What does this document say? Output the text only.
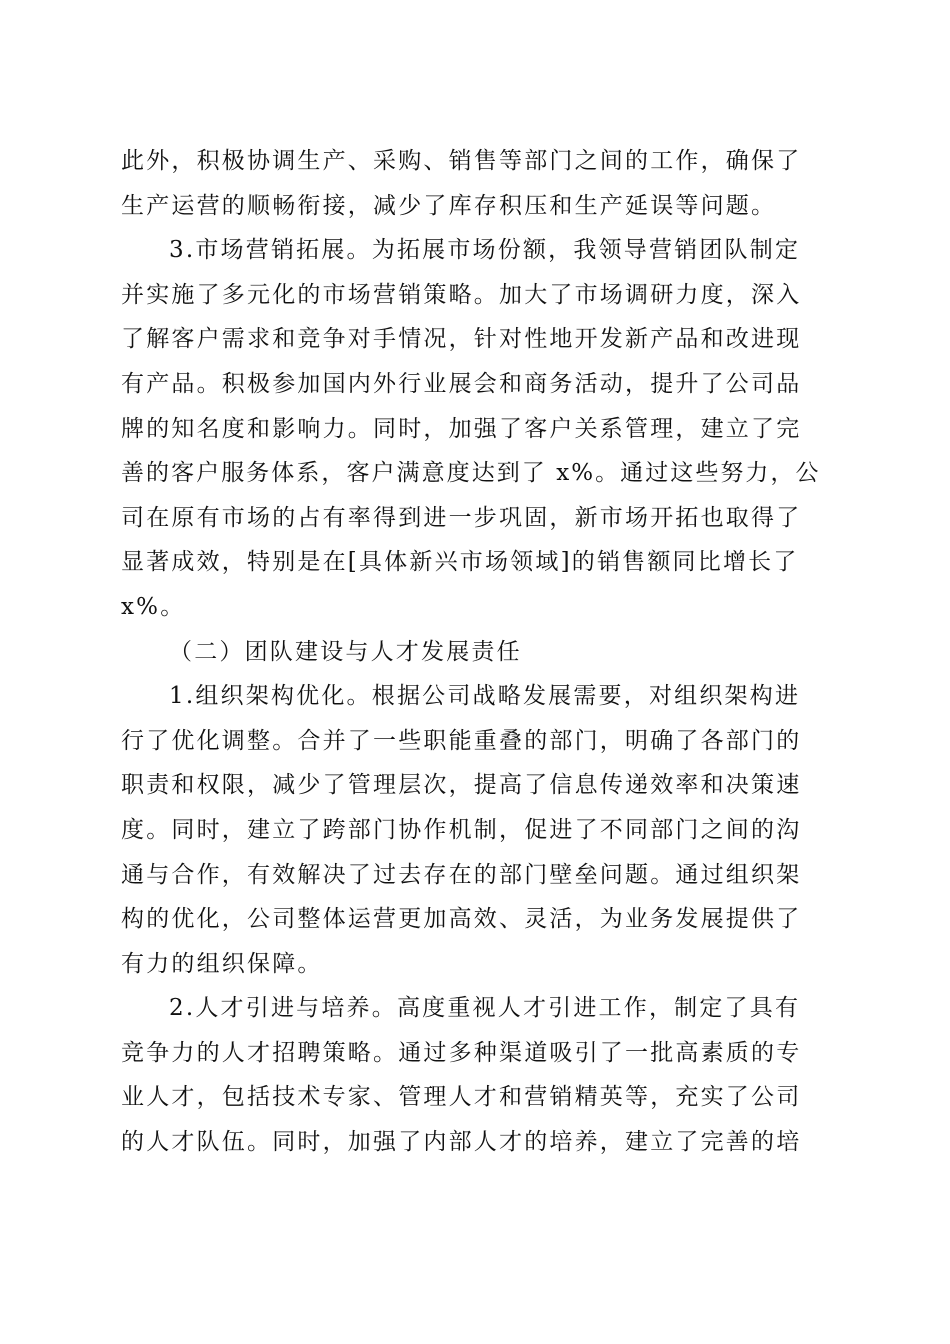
此外，积极协调生产、采购、销售等部门之间的工作，确保了
生产运营的顺畅衔接，减少了库存积压和生产延误等问题。
3.市场营销拓展。为拓展市场份额，我领导营销团队制定
并实施了多元化的市场营销策略。加大了市场调研力度，深入
了解客户需求和竞争对手情况，针对性地开发新产品和改进现
有产品。积极参加国内外行业展会和商务活动，提升了公司品
牌的知名度和影响力。同时，加强了客户关系管理，建立了完
善的客户服务体系，客户满意度达到了 x%。通过这些努力，公
司在原有市场的占有率得到进一步巩固，新市场开拓也取得了
显著成效，特别是在[具体新兴市场领域]的销售额同比增长了
x%。
（二）团队建设与人才发展责任
1.组织架构优化。根据公司战略发展需要，对组织架构进
行了优化调整。合并了一些职能重叠的部门，明确了各部门的
职责和权限，减少了管理层次，提高了信息传递效率和决策速
度。同时，建立了跨部门协作机制，促进了不同部门之间的沟
通与合作，有效解决了过去存在的部门壁垒问题。通过组织架
构的优化，公司整体运营更加高效、灵活，为业务发展提供了
有力的组织保障。
2.人才引进与培养。高度重视人才引进工作，制定了具有
竞争力的人才招聘策略。通过多种渠道吸引了一批高素质的专
业人才，包括技术专家、管理人才和营销精英等，充实了公司
的人才队伍。同时，加强了内部人才的培养，建立了完善的培
